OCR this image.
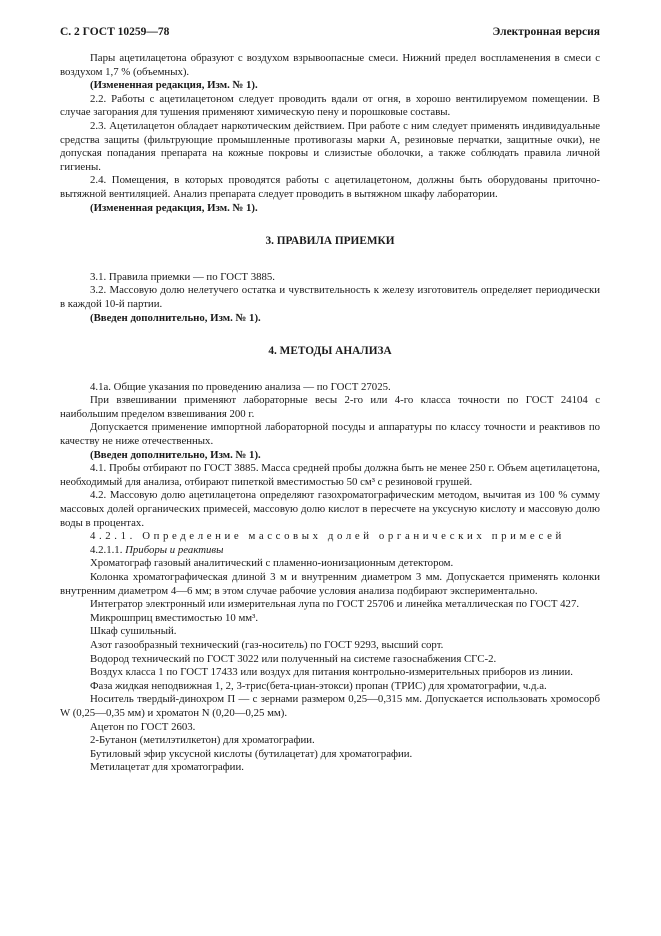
С. 2 ГОСТ 10259—78	Электронная версия

Пары ацетилацетона образуют с воздухом взрывоопасные смеси. Нижний предел воспламенения в смеси с воздухом 1,7 % (объемных).

(Измененная редакция, Изм. № 1).

2.2. Работы с ацетилацетоном следует проводить вдали от огня, в хорошо вентилируемом помещении. В случае загорания для тушения применяют химическую пену и порошковые составы.

2.3. Ацетилацетон обладает наркотическим действием. При работе с ним следует применять индивидуальные средства защиты (фильтрующие промышленные противогазы марки А, резиновые перчатки, защитные очки), не допуская попадания препарата на кожные покровы и слизистые оболочки, а также соблюдать правила личной гигиены.

2.4. Помещения, в которых проводятся работы с ацетилацетоном, должны быть оборудованы приточно-вытяжной вентиляцией. Анализ препарата следует проводить в вытяжном шкафу лаборатории.

(Измененная редакция, Изм. № 1).

3. ПРАВИЛА ПРИЕМКИ

3.1. Правила приемки — по ГОСТ 3885.

3.2. Массовую долю нелетучего остатка и чувствительность к железу изготовитель определяет периодически в каждой 10-й партии.

(Введен дополнительно, Изм. № 1).

4. МЕТОДЫ АНАЛИЗА

4.1а. Общие указания по проведению анализа — по ГОСТ 27025.

При взвешивании применяют лабораторные весы 2-го или 4-го класса точности по ГОСТ 24104 с наибольшим пределом взвешивания 200 г.

Допускается применение импортной лабораторной посуды и аппаратуры по классу точности и реактивов по качеству не ниже отечественных.

(Введен дополнительно, Изм. № 1).

4.1. Пробы отбирают по ГОСТ 3885. Масса средней пробы должна быть не менее 250 г. Объем ацетилацетона, необходимый для анализа, отбирают пипеткой вместимостью 50 см³ с резиновой грушей.

4.2. Массовую долю ацетилацетона определяют газохроматографическим методом, вычитая из 100 % сумму массовых долей органических примесей, массовую долю кислот в пересчете на уксусную кислоту и массовую долю воды в процентах.

4.2.1. Определение массовых долей органических примесей

4.2.1.1. Приборы и реактивы

Хроматограф газовый аналитический с пламенно-ионизационным детектором.

Колонка хроматографическая длиной 3 м и внутренним диаметром 3 мм. Допускается применять колонки внутренним диаметром 4—6 мм; в этом случае рабочие условия анализа подбирают экспериментально.

Интегратор электронный или измерительная лупа по ГОСТ 25706 и линейка металлическая по ГОСТ 427.

Микрошприц вместимостью 10 мм³.

Шкаф сушильный.

Азот газообразный технический (газ-носитель) по ГОСТ 9293, высший сорт.

Водород технический по ГОСТ 3022 или полученный на системе газоснабжения СГС-2.

Воздух класса 1 по ГОСТ 17433 или воздух для питания контрольно-измерительных приборов из линии.

Фаза жидкая неподвижная 1, 2, 3-трис(бета-циан-этокси) пропан (ТРИС) для хроматографии, ч.д.а.

Носитель твердый-динохром П — с зернами размером 0,25—0,315 мм. Допускается использовать хромосорб W (0,25—0,35 мм) и хроматон N (0,20—0,25 мм).

Ацетон по ГОСТ 2603.

2-Бутанон (метилэтилкетон) для хроматографии.

Бутиловый эфир уксусной кислоты (бутилацетат) для хроматографии.

Метилацетат для хроматографии.
